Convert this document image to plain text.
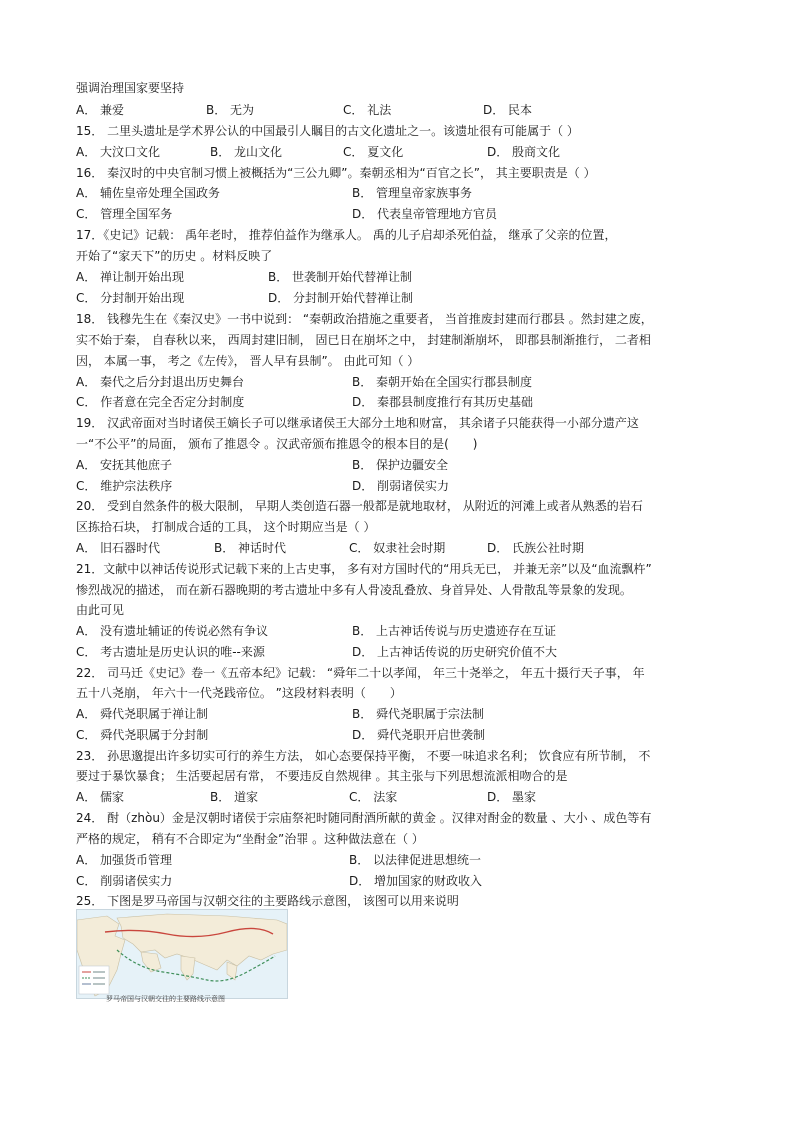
强调治理国家要坚持
A． 兼爱	B． 无为	C． 礼法	D． 民本
15． 二里头遗址是学术界公认的中国最引人瞩目的古文化遗址之一。该遗址很有可能属于（ ）
A． 大汶口文化	B． 龙山文化	C． 夏文化	D． 殷商文化
16． 秦汉时的中央官制习惯上被概括为“三公九卿”。秦朝丞相为“百官之长”， 其主要职责是（ ）
A． 辅佐皇帝处理全国政务	B． 管理皇帝家族事务
C． 管理全国军务	D． 代表皇帝管理地方官员
17．《史记》记载： 禹年老时， 推荐伯益作为继承人。 禹的儿子启却杀死伯益， 继承了父亲的位置，
开始了“家天下”的历史 。材料反映了
A． 禅让制开始出现	B． 世袭制开始代替禅让制
C． 分封制开始出现	D． 分封制开始代替禅让制
18． 钱穆先生在《秦汉史》一书中说到： “秦朝政治措施之重要者， 当首推废封建而行郡县 。然封建之废，
实不始于秦， 自春秋以来， 西周封建旧制， 固已日在崩坏之中， 封建制渐崩坏， 即郡县制渐推行， 二者相
因， 本属一事， 考之《左传》， 晋人早有县制”。 由此可知（ ）
A． 秦代之后分封退出历史舞台	B． 秦朝开始在全国实行郡县制度
C． 作者意在完全否定分封制度	D． 秦郡县制度推行有其历史基础
19． 汉武帝面对当时诸侯王嫡长子可以继承诸侯王大部分土地和财富， 其余诸子只能获得一小部分遗产这
一“不公平”的局面， 颁布了推恩令 。汉武帝颁布推恩令的根本目的是(　　)
A． 安抚其他庶子	B． 保护边疆安全
C． 维护宗法秩序	D． 削弱诸侯实力
20． 受到自然条件的极大限制， 早期人类创造石器一般都是就地取材， 从附近的河滩上或者从熟悉的岩石
区拣拾石块， 打制成合适的工具， 这个时期应当是（ ）
A． 旧石器时代	B． 神话时代	C． 奴隶社会时期	D． 氏族公社时期
21．文献中以神话传说形式记载下来的上古史事， 多有对方国时代的“用兵无已， 并兼无亲”以及“血流飘杵”
惨烈战况的描述， 而在新石器晚期的考古遗址中多有人骨凌乱叠放、身首异处、人骨散乱等景象的发现。
由此可见
A． 没有遗址辅证的传说必然有争议	B． 上古神话传说与历史遗迹存在互证
C． 考古遗址是历史认识的唯--来源	D． 上古神话传说的历史研究价值不大
22． 司马迁《史记》卷一《五帝本纪》记载： “舜年二十以孝闻， 年三十尧举之， 年五十摄行天子事， 年
五十八尧崩， 年六十一代尧践帝位。 ”这段材料表明（　　）
A． 舜代尧职属于禅让制	B． 舜代尧职属于宗法制
C． 舜代尧职属于分封制	D． 舜代尧职开启世袭制
23． 孙思邈提出许多切实可行的养生方法， 如心态要保持平衡， 不要一味追求名利； 饮食应有所节制， 不
要过于暴饮暴食； 生活要起居有常， 不要违反自然规律 。其主张与下列思想流派相吻合的是
A． 儒家	B． 道家	C． 法家	D． 墨家
24． 酎（zhòu）金是汉朝时诸侯于宗庙祭祀时随同酎酒所献的黄金 。汉律对酎金的数量 、大小 、成色等有
严格的规定， 稍有不合即定为“坐酎金”治罪 。这种做法意在（ ）
A． 加强货币管理	B． 以法律促进思想统一
C． 削弱诸侯实力	D． 增加国家的财政收入
25． 下图是罗马帝国与汉朝交往的主要路线示意图， 该图可以用来说明
罗马帝国与汉朝交往的主要路线示意图
